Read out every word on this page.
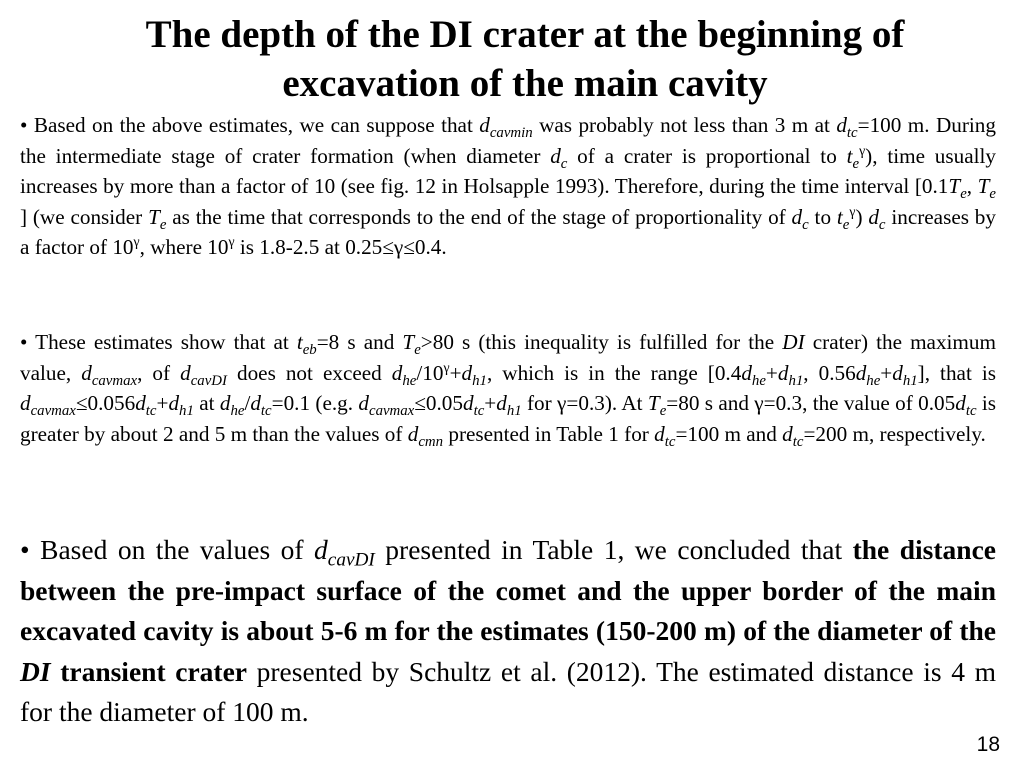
The depth of the DI crater at the beginning of
excavation of the main cavity

• Based on the above estimates, we can suppose that $d_{cavmin}$ was probably not less than 3 m at $d_{tc}=100$ m. During the intermediate stage of crater formation (when diameter $d_c$ of a crater is proportional to $t_e^\gamma$), time usually increases by more than a factor of 10 (see fig. 12 in Holsapple 1993). Therefore, during the time interval [$0.1T_e$, $T_e$ ] (we consider $T_e$ as the time that corresponds to the end of the stage of proportionality of $d_c$ to $t_e^\gamma$) $d_c$ increases by a factor of $10^\gamma$, where $10^\gamma$ is 1.8-2.5 at 0.25≤γ≤0.4.

• These estimates show that at $t_{eb}=8$ s and $T_e>80$ s (this inequality is fulfilled for the DI crater) the maximum value, $d_{cavmax}$, of $d_{cavDI}$ does not exceed $d_{he}/10^\gamma+d_{h1}$, which is in the range [$0.4d_{he}+d_{h1}$, $0.56d_{he}+d_{h1}$], that is $d_{cavmax}\le 0.056d_{tc}+d_{h1}$ at $d_{he}/d_{tc}=0.1$ (e.g. $d_{cavmax}\le 0.05d_{tc}+d_{h1}$ for γ=0.3). At $T_e=80$ s and γ=0.3, the value of $0.05d_{tc}$ is greater by about 2 and 5 m than the values of $d_{cmn}$ presented in Table 1 for $d_{tc}=100$ m and $d_{tc}=200$ m, respectively.

• Based on the values of $d_{cavDI}$ presented in Table 1, we concluded that the distance between the pre-impact surface of the comet and the upper border of the main excavated cavity is about 5-6 m for the estimates (150-200 m) of the diameter of the DI transient crater presented by Schultz et al. (2012). The estimated distance is 4 m for the diameter of 100 m.

18
